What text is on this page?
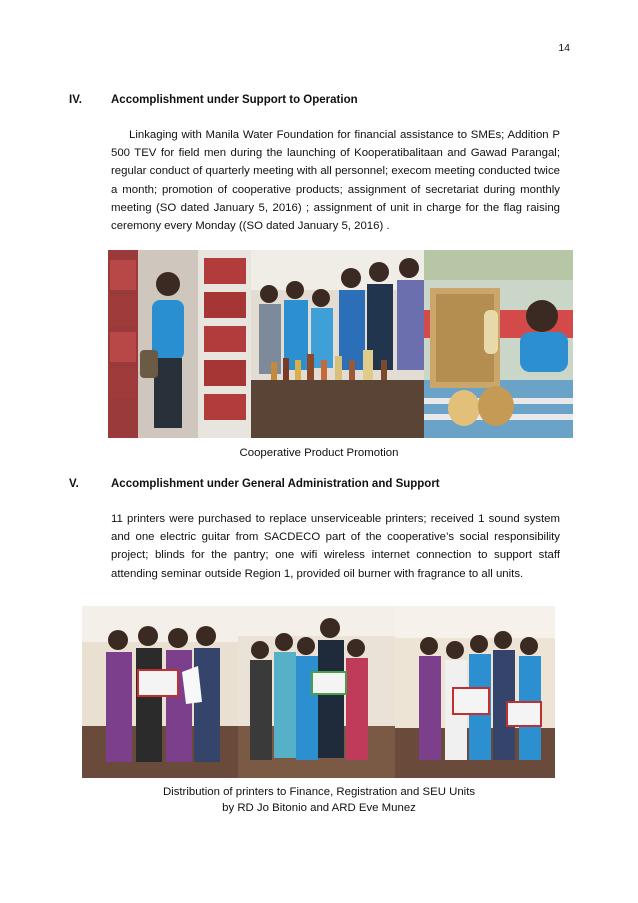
14
IV.	Accomplishment under Support to Operation
Linkaging with Manila Water Foundation for financial assistance to SMEs; Addition P 500 TEV for field men during the launching of Kooperatibalitaan and Gawad Parangal; regular conduct of quarterly meeting with all personnel; execom meeting conducted twice a month; promotion of cooperative products; assignment of secretariat during monthly meeting (SO dated January 5, 2016) ; assignment of unit in charge for the flag raising ceremony every Monday ((SO dated January 5, 2016) .
Cooperative Product Promotion
V.	Accomplishment under General Administration and Support
11 printers were purchased to replace unserviceable printers; received 1 sound system and one electric guitar from SACDECO part of the cooperative’s social responsibility project; blinds for the pantry; one wifi wireless internet connection to support staff attending seminar outside Region 1, provided oil burner with fragrance to all units.
Distribution of printers to Finance, Registration and SEU Units
by RD Jo Bitonio and ARD Eve Munez
